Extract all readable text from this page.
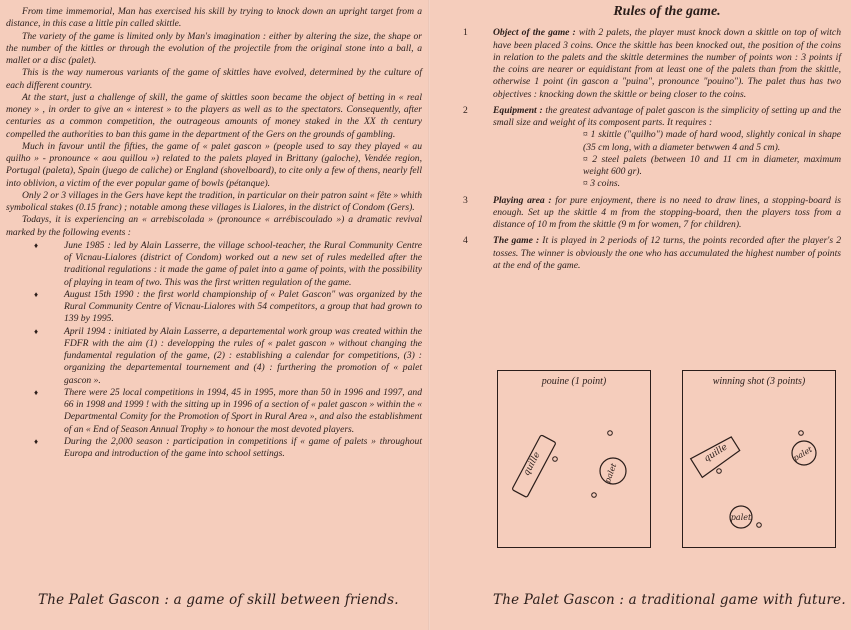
From time immemorial, Man has exercised his skill by trying to knock down an upright target from a distance, in this case a little pin called skittle.

The variety of the game is limited only by Man's imagination : either by altering the size, the shape or the number of the kittles or through the evolution of the projectile from the original stone into a ball, a mallet or a disc (palet).

This is the way numerous variants of the game of skittles have evolved, determined by the culture of each different country.

At the start, just a challenge of skill, the game of skittles soon became the object of betting in « real money » , in order to give an « interest » to the players as well as to the spectators. Consequently, after centuries as a common competition, the outrageous amounts of money staked in the XX th century compelled the authorities to ban this game in the department of the Gers on the grounds of gambling.

Much in favour until the fifties, the game of « palet gascon » (people used to say they played « au quilho » - pronounce « aou quillou ») related to the palets played in Brittany (galoche), Vendée region, Portugal (paleta), Spain (juego de caliche) or England (shovelboard), to cite only a few of thens, nearly fell into oblivion, a victim of the ever popular game of bowls (pétanque).

Only 2 or 3 villages in the Gers have kept the tradition, in particular on their patron saint « fête » whith symbolical stakes (0.15 franc) ; notable among these villages is Lialores, in the district of Condom (Gers).

Todays, it is experiencing an « arrebiscolada » (pronounce « arrébiscoulado ») a dramatic revival marked by the following events :

♦	June 1985 : led by Alain Lasserre, the village school-teacher, the Rural Community Centre of Vicnau-Lialores (district of Condom) worked out a new set of rules medelled after the traditional regulations : it made the game of palet into a game of points, with the possibility of playing in team of two. This was the first written regulation of the game.
♦	August 15th 1990 : the first world championship of « Palet Gascon" was organized by the Rural Community Centre of Vicnau-Lialores with 54 competitors, a group that had grown to 139 by 1995.
♦	April 1994 : initiated by Alain Lasserre, a departemental work group was created within the FDFR with the aim (1) : developping the rules of « palet gascon » without changing the fundamental regulation of the game, (2) : establishing a calendar for competitions, (3) : organizing the departemental tournement and (4) : furthering the promotion of « palet gascon ».
♦	There were 25 local competitions in 1994, 45 in 1995, more than 50 in 1996 and 1997, and 66 in 1998 and 1999 ! with the sitting up in 1996 of a section of « palet gascon » within the « Departmental Comity for the Promotion of Sport in Rural Area », and also the establishment of an « End of Season Annual Trophy » to honour the most devoted players.
♦	During the 2,000 season : participation in competitions if « game of palets » throughout Europa and introduction of the game into school settings.
The Palet Gascon : a game of skill between friends.
Rules of the game.
1	Object of the game : with 2 palets, the player must knock down a skittle on top of witch have been placed 3 coins. Once the skittle has been knocked out, the position of the coins in relation to the palets and the skittle determines the number of points won : 3 points if the coins are nearer or equidistant from at least one of the palets than from the skittle, otherwise 1 point (in gascon a "puina", pronounce "pouino"). The palet thus has two objectives : knocking down the skittle or being closer to the coins.
2	Equipment : the greatest advantage of palet gascon is the simplicity of setting up and the small size and weight of its composent parts. It requires :
¤ 1 skittle ("quilho") made of hard wood, slightly conical in shape (35 cm long, with a diameter betwwen 4 and 5 cm).
¤ 2 steel palets (between 10 and 11 cm in diameter, maximum weight 600 gr).
¤ 3 coins.
3	Playing area : for pure enjoyment, there is no need to draw lines, a stopping-board is enough. Set up the skittle 4 m from the stopping-board, then the players toss from a distance of 10 m from the skittle (9 m for women, 7 for children).
4	The game : It is played in 2 periods of 12 turns, the points recorded after the player's 2 tosses. The winner is obviously the one who has accumulated the highest number of points at the end of the game.
pouine (1 point)
quille	palet
winning shot (3 points)
quille	palet
palet
The Palet Gascon : a traditional game with future.
